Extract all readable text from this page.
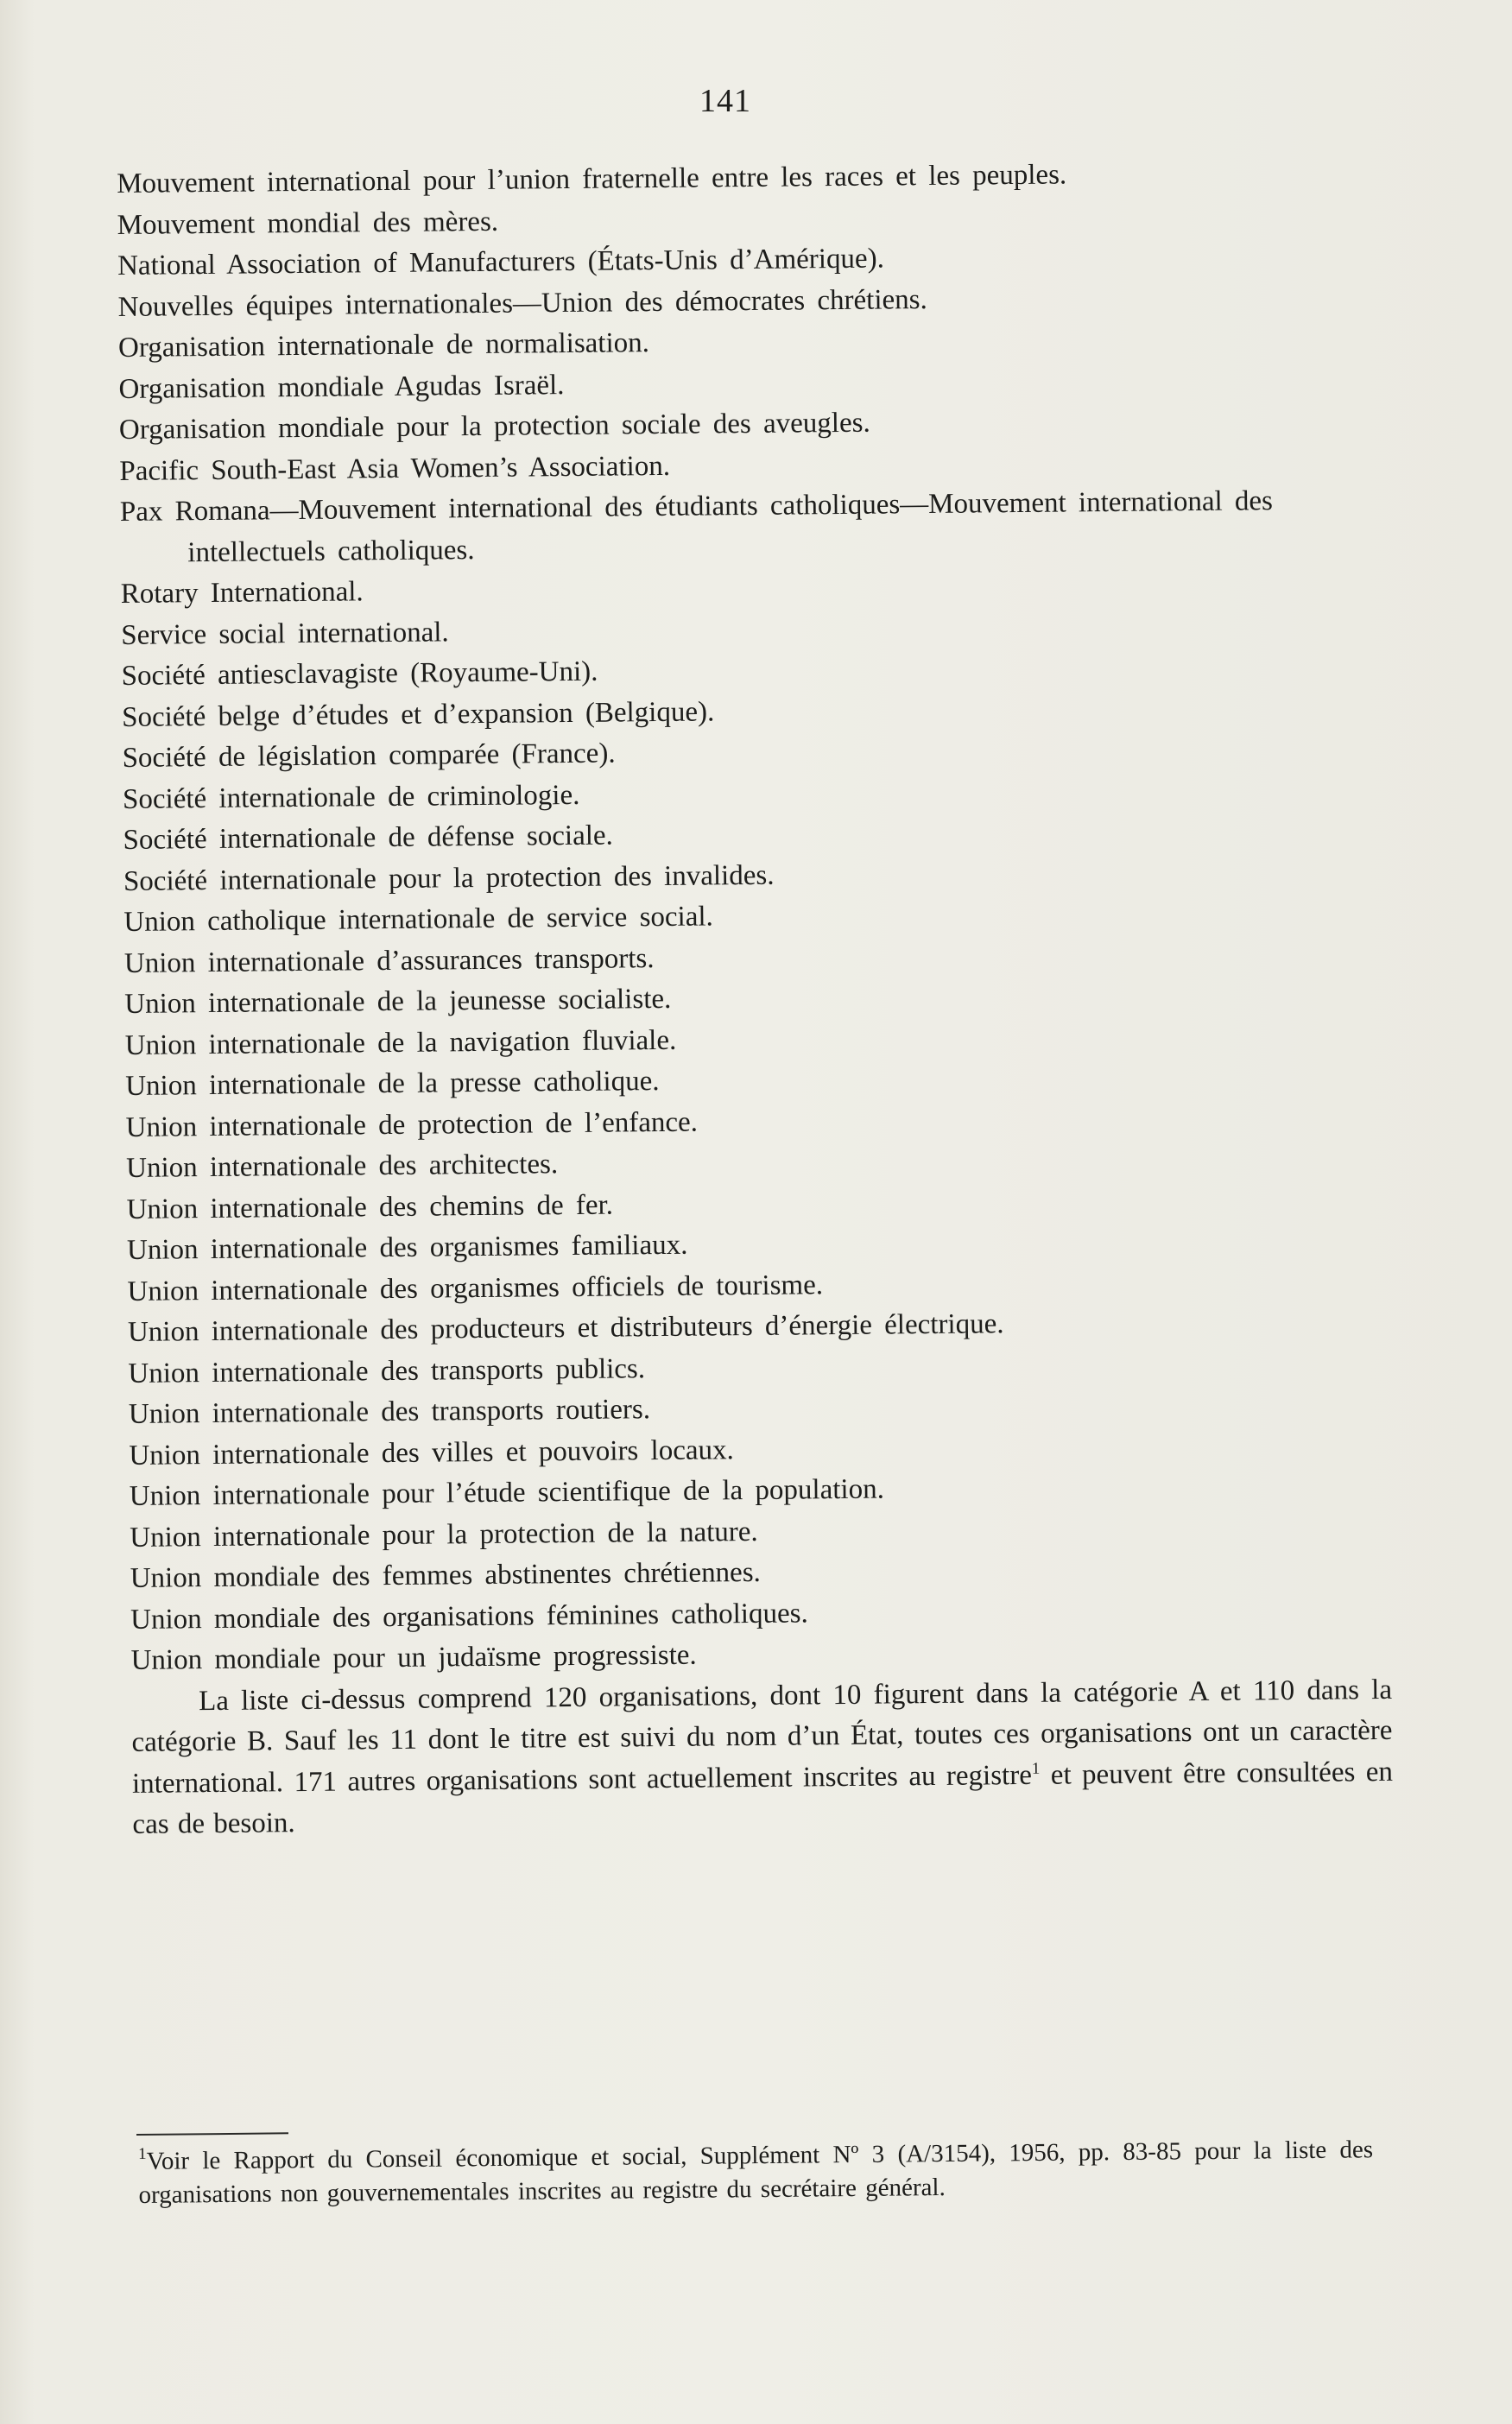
141

Mouvement international pour l’union fraternelle entre les races et les peuples.

Mouvement mondial des mères.

National Association of Manufacturers (États-Unis d’Amérique).

Nouvelles équipes internationales—Union des démocrates chrétiens.

Organisation internationale de normalisation.

Organisation mondiale Agudas Israël.

Organisation mondiale pour la protection sociale des aveugles.

Pacific South-East Asia Women’s Association.

Pax Romana—Mouvement international des étudiants catholiques—Mouvement international des intellectuels catholiques.

Rotary International.

Service social international.

Société antiesclavagiste (Royaume-Uni).

Société belge d’études et d’expansion (Belgique).

Société de législation comparée (France).

Société internationale de criminologie.

Société internationale de défense sociale.

Société internationale pour la protection des invalides.

Union catholique internationale de service social.

Union internationale d’assurances transports.

Union internationale de la jeunesse socialiste.

Union internationale de la navigation fluviale.

Union internationale de la presse catholique.

Union internationale de protection de l’enfance.

Union internationale des architectes.

Union internationale des chemins de fer.

Union internationale des organismes familiaux.

Union internationale des organismes officiels de tourisme.

Union internationale des producteurs et distributeurs d’énergie électrique.

Union internationale des transports publics.

Union internationale des transports routiers.

Union internationale des villes et pouvoirs locaux.

Union internationale pour l’étude scientifique de la population.

Union internationale pour la protection de la nature.

Union mondiale des femmes abstinentes chrétiennes.

Union mondiale des organisations féminines catholiques.

Union mondiale pour un judaïsme progressiste.

La liste ci-dessus comprend 120 organisations, dont 10 figurent dans la catégorie A et 110 dans la catégorie B. Sauf les 11 dont le titre est suivi du nom d’un État, toutes ces organisations ont un caractère international. 171 autres organisations sont actuellement inscrites au registre$^1$ et peuvent être consultées en cas de besoin.

$^1$Voir le Rapport du Conseil économique et social, Supplément Nº 3 (A/3154), 1956, pp. 83-85 pour la liste des organisations non gouvernementales inscrites au registre du secrétaire général.
